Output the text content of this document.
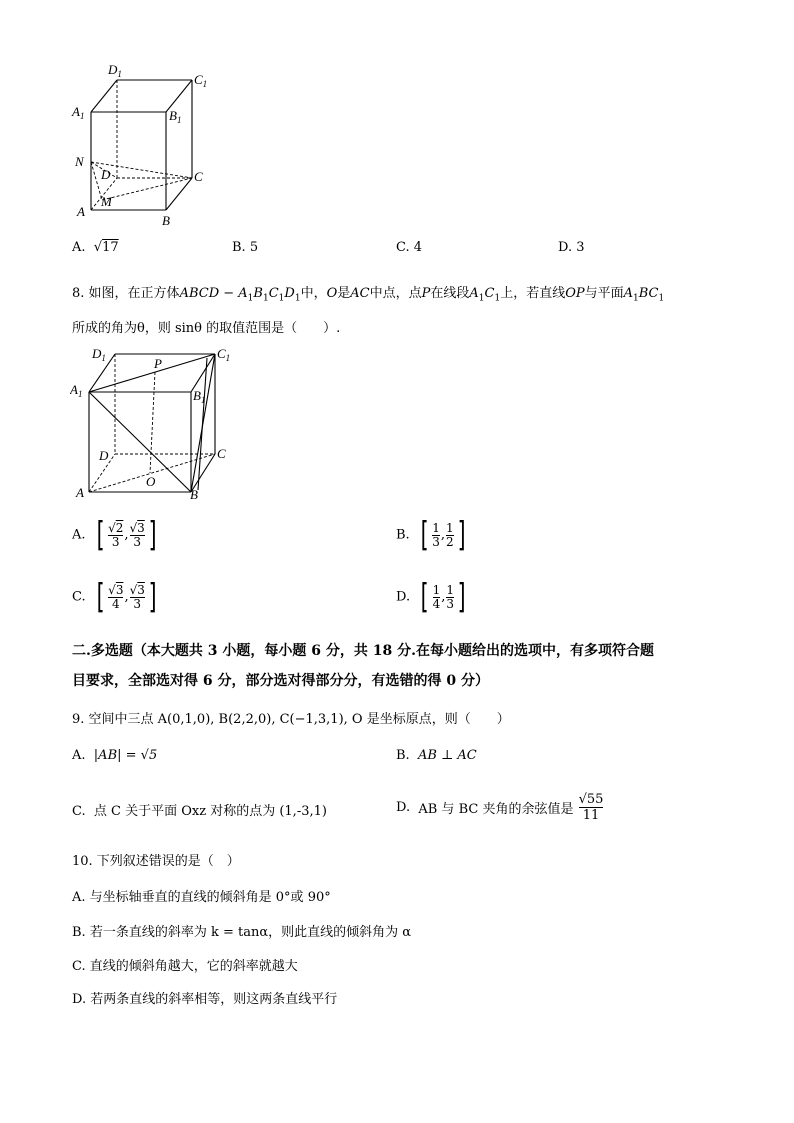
$D_1$	$C_1$
$A_1$	$B_1$
N
D	C
M
A
B
A. √17	B. 5	C. 4	D. 3
8. 如图，在正方体ABCD − $A_1B_1C_1D_1$中，O是AC中点，点P在线段$A_1C_1$上，若直线OP与平面$A_1BC_1$
所成的角为θ，则 sinθ 的取值范围是（　　）.
$D_1$	$C_1$
P
$A_1$	$B_1$
D	C
O
A	B
A. [ $\frac{√2}{3}$ , $\frac{√3}{3}$ ]	B. [ $\frac{1}{3}$ , $\frac{1}{2}$ ]
C. [ $\frac{√3}{4}$ , $\frac{√3}{3}$ ]	D. [ $\frac{1}{4}$ , $\frac{1}{3}$ ]
二.多选题（本大题共 3 小题，每小题 6 分，共 18 分.在每小题给出的选项中，有多项符合题
目要求，全部选对得 6 分，部分选对得部分分，有选错的得 0 分）
9. 空间中三点 A(0,1,0), B(2,2,0), C(−1,3,1), O 是坐标原点，则（　　）
A. |AB| = √5	B. AB ⊥ AC
C. 点 C 关于平面 Oxz 对称的点为 (1,-3,1)	D. AB 与 BC 夹角的余弦值是 $\frac{√55}{11}$
10. 下列叙述错误的是（　）
A. 与坐标轴垂直的直线的倾斜角是 0°或 90°
B. 若一条直线的斜率为 k = tanα，则此直线的倾斜角为 α
C. 直线的倾斜角越大，它的斜率就越大
D. 若两条直线的斜率相等，则这两条直线平行
